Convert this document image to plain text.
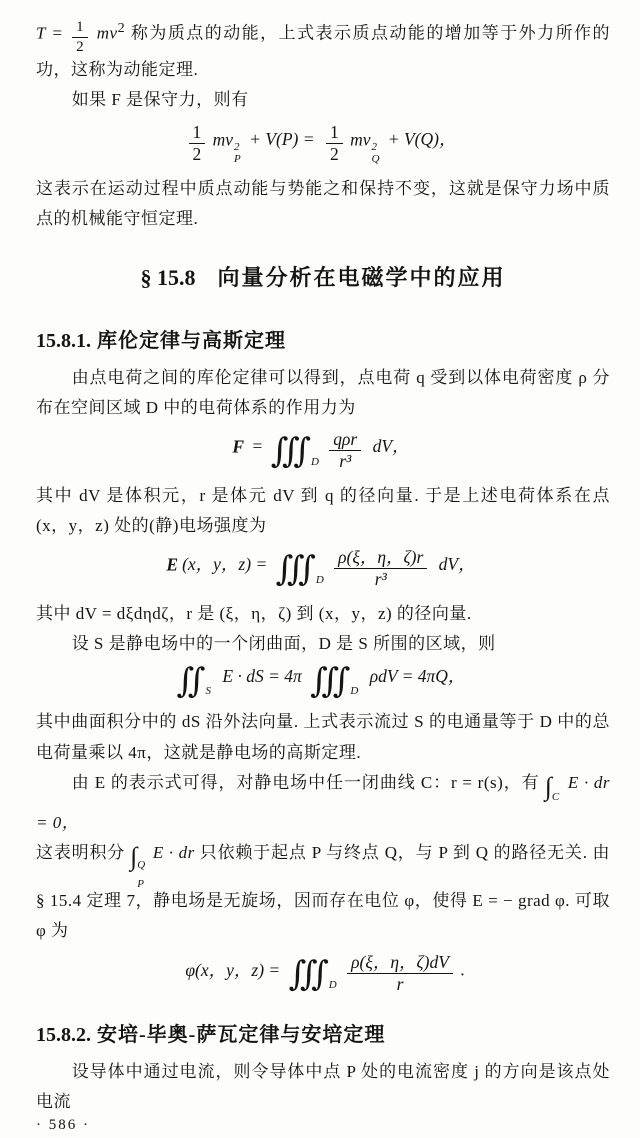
$T = \frac{1}{2} mv^2$ 称为质点的动能，上式表示质点动能的增加等于外力所作的功，这称为动能定理.

如果 F 是保守力，则有

$\frac{1}{2}$ mv 2
P
+ $V(P) = \frac{1}{2}$ mv 2
Q
+ V(Q)，

这表示在运动过程中质点动能与势能之和保持不变，这就是保守力场中质点的机械能守恒定理.

§ 15.8 向量分析在电磁学中的应用
15.8.1. 库伦定律与高斯定理

由点电荷之间的库伦定律可以得到，点电荷 q 受到以体电荷密度 ρ 分布在空间区域 D 中的电荷体系的作用力为

F = ∭ $_D \frac{\text{qρr}}{\text{r³}}$ dV，

其中 dV 是体积元，r 是体元 dV 到 q 的径向量. 于是上述电荷体系在点 (x，y，z) 处的(静)电场强度为

E (x，y，z) = ∭ $_D \frac{\rho(\xi,\eta,\zeta)r}{\text{r³}}$ dV，

其中 dV = dξdηdζ，r 是 (ξ，η，ζ) 到 (x，y，z) 的径向量.

设 S 是静电场中的一个闭曲面，D 是 S 所围的区域，则

∬ $_S$ E · dS = 4π ∭ $_D$ ρdV = 4πQ，

其中曲面积分中的 dS 沿外法向量. 上式表示流过 S 的电通量等于 D 中的总电荷量乘以 4π，这就是静电场的高斯定理.

由 E 的表示式可得，对静电场中任一闭曲线 C：r = r(s)，有 ∫ $_C$ E · dr = 0，

这表明积分 ∫ Q
P
E · dr 只依赖于起点 P 与终点 Q，与 P 到 Q 的路径无关. 由 § 15.4 定理 7，静电场是无旋场，因而存在电位 φ，使得 E = − grad φ. 可取 φ 为

φ(x，y，z) = ∭ $_D \frac{\rho(\xi,\eta,\zeta)dV}{r}$ .
15.8.2. 安培-毕奥-萨瓦定律与安培定理

设导体中通过电流，则令导体中点 P 处的电流密度 j 的方向是该点处电流

· 586 ·
